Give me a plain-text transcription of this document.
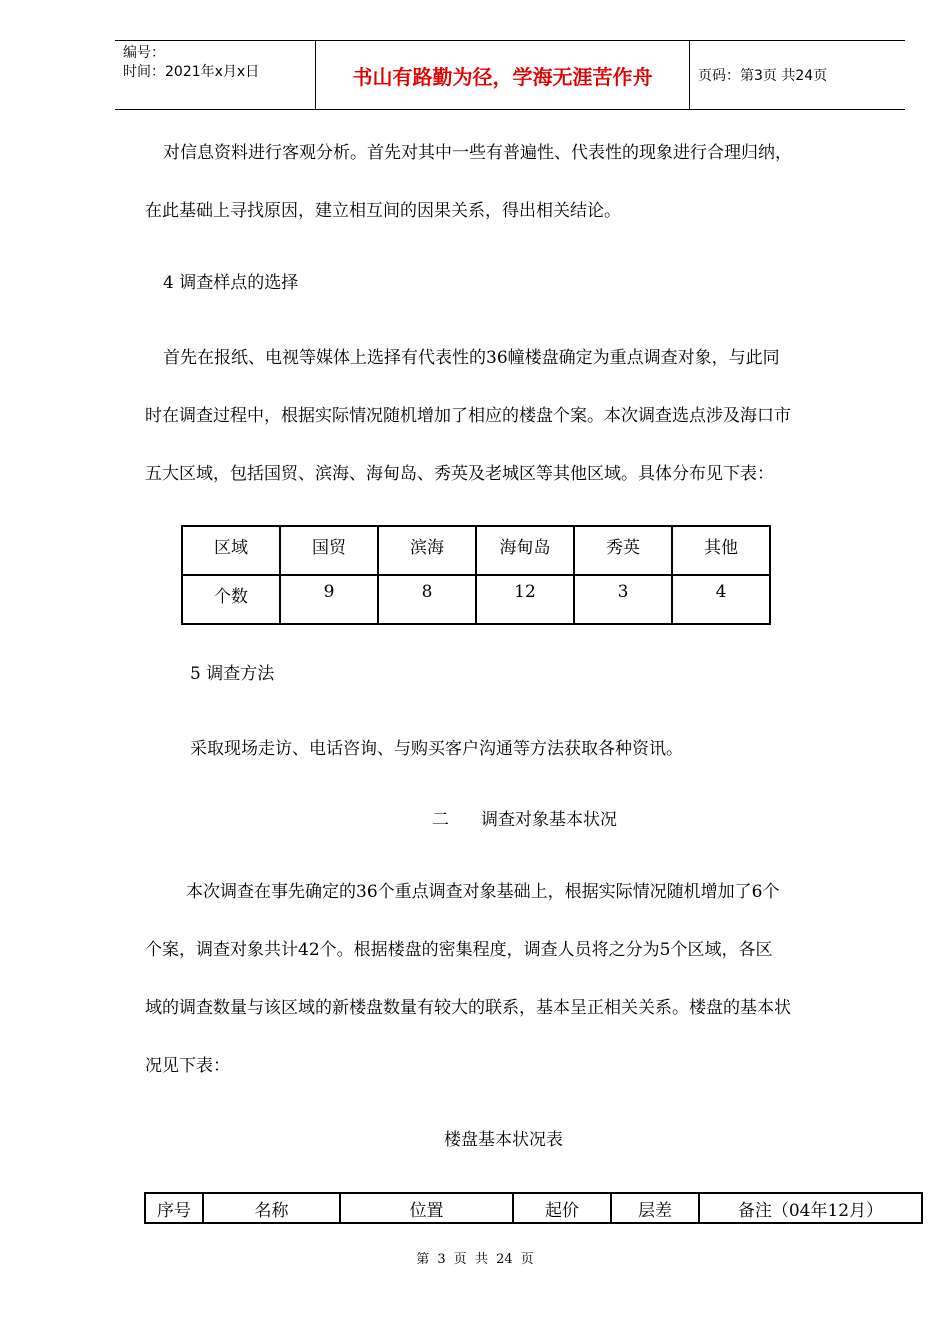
编号：
时间：2021年x月x日	书山有路勤为径，学海无涯苦作舟	页码：第3页 共24页
对信息资料进行客观分析。首先对其中一些有普遍性、代表性的现象进行合理归纳，
在此基础上寻找原因，建立相互间的因果关系，得出相关结论。
4 调查样点的选择
首先在报纸、电视等媒体上选择有代表性的36幢楼盘确定为重点调查对象，与此同
时在调查过程中，根据实际情况随机增加了相应的楼盘个案。本次调查选点涉及海口市
五大区域，包括国贸、滨海、海甸岛、秀英及老城区等其他区域。具体分布见下表：
区域	国贸	滨海	海甸岛	秀英	其他
个数	9	8	12	3	4
5 调查方法
采取现场走访、电话咨询、与购买客户沟通等方法获取各种资讯。
二 调查对象基本状况
本次调查在事先确定的36个重点调查对象基础上，根据实际情况随机增加了6个
个案，调查对象共计42个。根据楼盘的密集程度，调查人员将之分为5个区域，各区
域的调查数量与该区域的新楼盘数量有较大的联系，基本呈正相关关系。楼盘的基本状
况见下表：
楼盘基本状况表
序号	名称	位置	起价	层差	备注（04年12月）
第 3 页 共 24 页
